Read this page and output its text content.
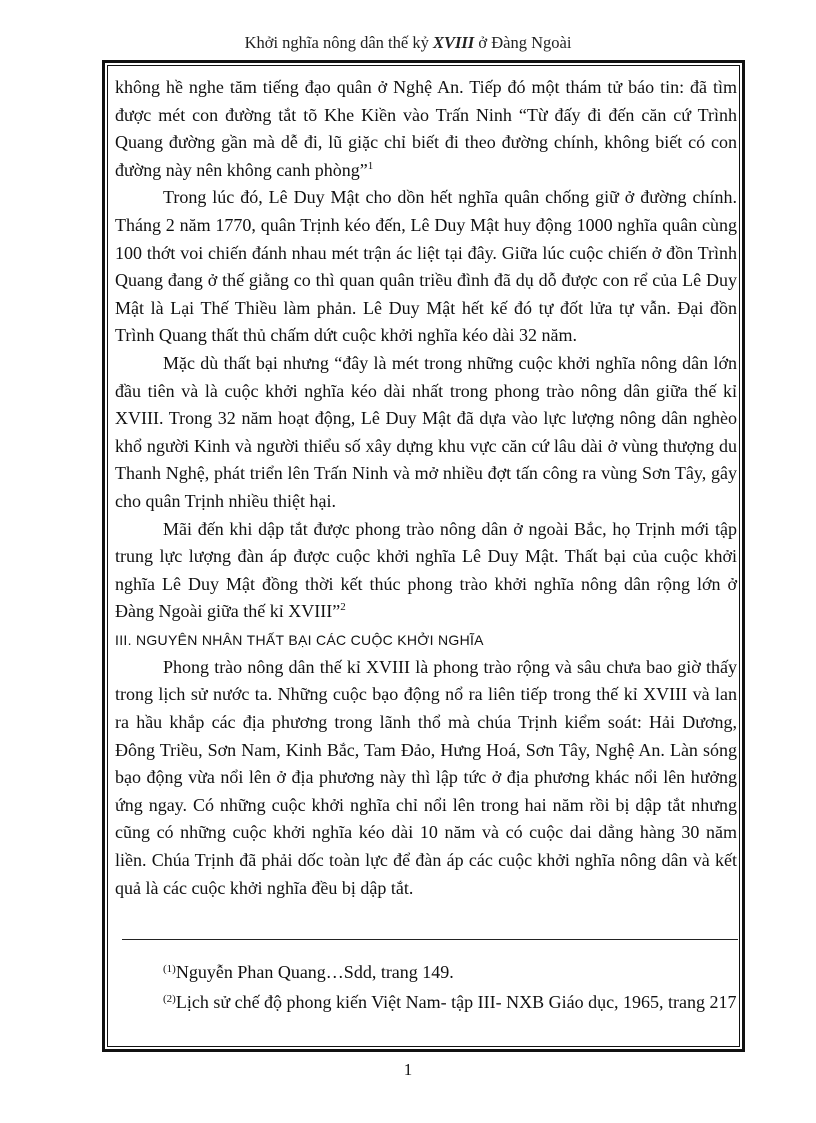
Khởi nghĩa nông dân thế kỷ XVIII ở Đàng Ngoài

không hề nghe tăm tiếng đạo quân ở Nghệ An. Tiếp đó một thám tử báo tin: đã tìm được mét con đường tắt tõ Khe Kiền vào Trấn Ninh “Từ đấy đi đến căn cứ Trình Quang đường gần mà dễ đi, lũ giặc chỉ biết đi theo đường chính, không biết có con đường này nên không canh phòng”$^1$

Trong lúc đó, Lê Duy Mật cho dồn hết nghĩa quân chống giữ ở đường chính. Tháng 2 năm 1770, quân Trịnh kéo đến, Lê Duy Mật huy động 1000 nghĩa quân cùng 100 thớt voi chiến đánh nhau mét trận ác liệt tại đây. Giữa lúc cuộc chiến ở đồn Trình Quang đang ở thế giằng co thì quan quân triều đình đã dụ dỗ được con rể của Lê Duy Mật là Lại Thế Thiều làm phản. Lê Duy Mật hết kế đó tự đốt lửa tự vẫn. Đại đồn Trình Quang thất thủ chấm dứt cuộc khởi nghĩa kéo dài 32 năm.

Mặc dù thất bại nhưng “đây là mét trong những cuộc khởi nghĩa nông dân lớn đầu tiên và là cuộc khởi nghĩa kéo dài nhất trong phong trào nông dân giữa thế kỉ XVIII. Trong 32 năm hoạt động, Lê Duy Mật đã dựa vào lực lượng nông dân nghèo khổ người Kinh và người thiểu số xây dựng khu vực căn cứ lâu dài ở vùng thượng du Thanh Nghệ, phát triển lên Trấn Ninh và mở nhiều đợt tấn công ra vùng Sơn Tây, gây cho quân Trịnh nhiều thiệt hại.

Mãi đến khi dập tắt được phong trào nông dân ở ngoài Bắc, họ Trịnh mới tập trung lực lượng đàn áp được cuộc khởi nghĩa Lê Duy Mật. Thất bại của cuộc khởi nghĩa Lê Duy Mật đồng thời kết thúc phong trào khởi nghĩa nông dân rộng lớn ở Đàng Ngoài giữa thế kỉ XVIII”$^2$

III. NGUYÊN NHÂN THẤT BẠI CÁC CUỘC KHỞI NGHĨA

Phong trào nông dân thế kỉ XVIII là phong trào rộng và sâu chưa bao giờ thấy trong lịch sử nước ta. Những cuộc bạo động nổ ra liên tiếp trong thế kỉ XVIII và lan ra hầu khắp các địa phương trong lãnh thổ mà chúa Trịnh kiểm soát: Hải Dương, Đông Triều, Sơn Nam, Kinh Bắc, Tam Đảo, Hưng Hoá, Sơn Tây, Nghệ An. Làn sóng bạo động vừa nổi lên ở địa phương này thì lập tức ở địa phương khác nổi lên hưởng ứng ngay. Có những cuộc khởi nghĩa chỉ nổi lên trong hai năm rồi bị dập tắt nhưng cũng có những cuộc khởi nghĩa kéo dài 10 năm và có cuộc dai dẳng hàng 30 năm liền. Chúa Trịnh đã phải dốc toàn lực để đàn áp các cuộc khởi nghĩa nông dân và kết quả là các cuộc khởi nghĩa đều bị dập tắt.

$^{(1)}$Nguyễn Phan Quang…Sdd, trang 149.

$^{(2)}$Lịch sử chế độ phong kiến Việt Nam- tập III- NXB Giáo dục, 1965, trang 217

1
